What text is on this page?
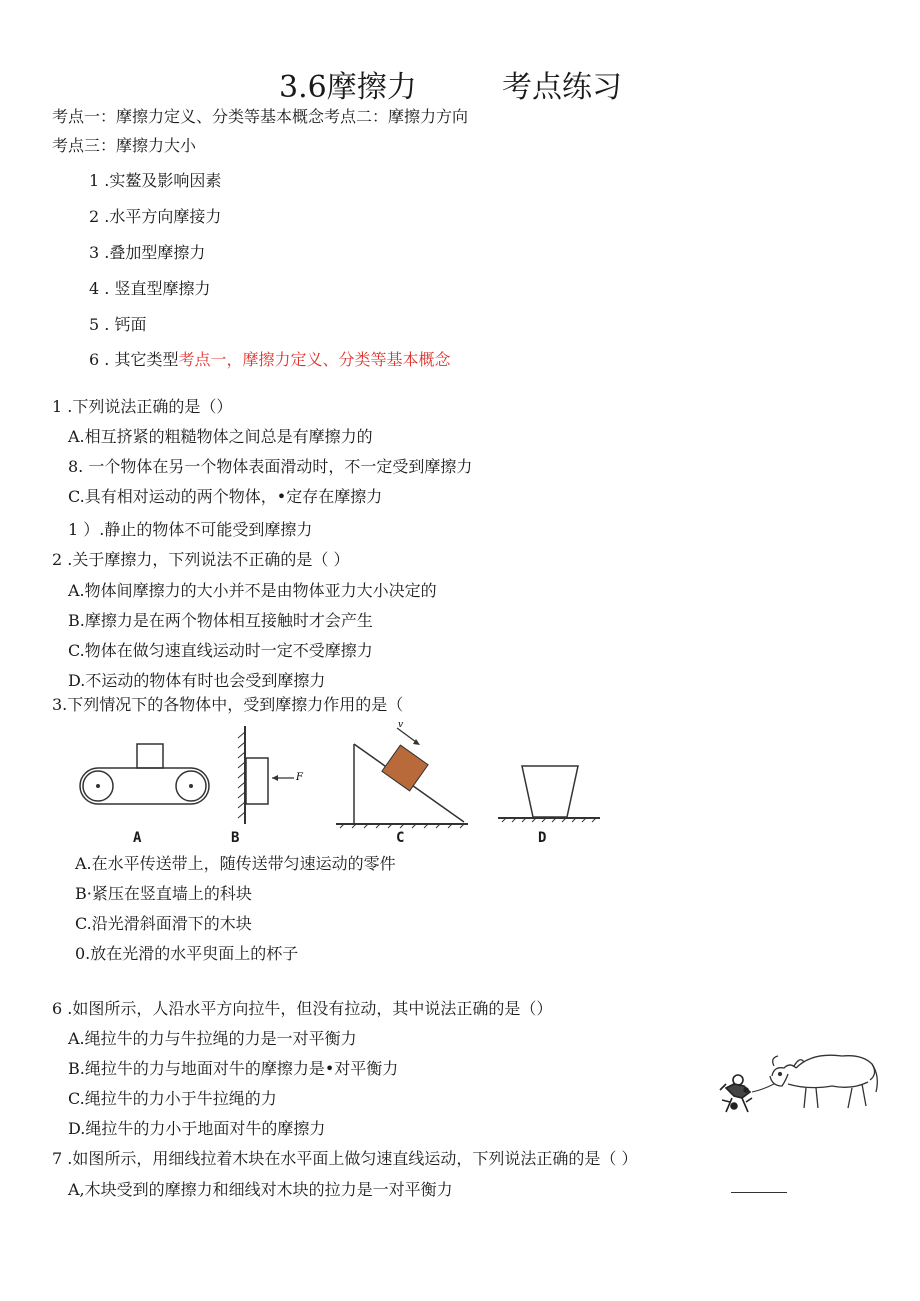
3.6摩擦力	考点练习
考点一：摩擦力定义、分类等基本概念考点二：摩擦力方向
考点三：摩擦力大小
1 .实鳌及影响因素
2 .水平方向摩接力
3 .叠加型摩擦力
4 . 竖直型摩擦力
5 . 钙面
6 . 其它类型考点一，摩擦力定义、分类等基本概念
1 .下列说法正确的是（）
A.相互挤紧的粗糙物体之间总是有摩擦力的
8. 一个物体在另一个物体表面滑动时，不一定受到摩擦力
C.具有相对运动的两个物体，•定存在摩擦力
1 ）.静止的物体不可能受到摩擦力
2 .关于摩擦力，下列说法不正确的是（ ）
A.物体间摩擦力的大小并不是由物体亚力大小决定的
B.摩擦力是在两个物体相互接触时才会产生
C.物体在做匀速直线运动时一定不受摩擦力
D.不运动的物体有时也会受到摩擦力
3.下列情况下的各物体中，受到摩擦力作用的是（
F
v
A	B	C	D
A.在水平传送带上，随传送带匀速运动的零件
B·紧压在竖直墙上的科块
C.沿光滑斜面滑下的木块
0.放在光滑的水平臾面上的杯子
6 .如图所示，人沿水平方向拉牛，但没有拉动，其中说法正确的是（）
A.绳拉牛的力与牛拉绳的力是一对平衡力
B.绳拉牛的力与地面对牛的摩擦力是•对平衡力
C.绳拉牛的力小于牛拉绳的力
D.绳拉牛的力小于地面对牛的摩擦力
7 .如图所示，用细线拉着木块在水平面上做匀速直线运动，下列说法正确的是（ ）
A,木块受到的摩擦力和细线对木块的拉力是一对平衡力
